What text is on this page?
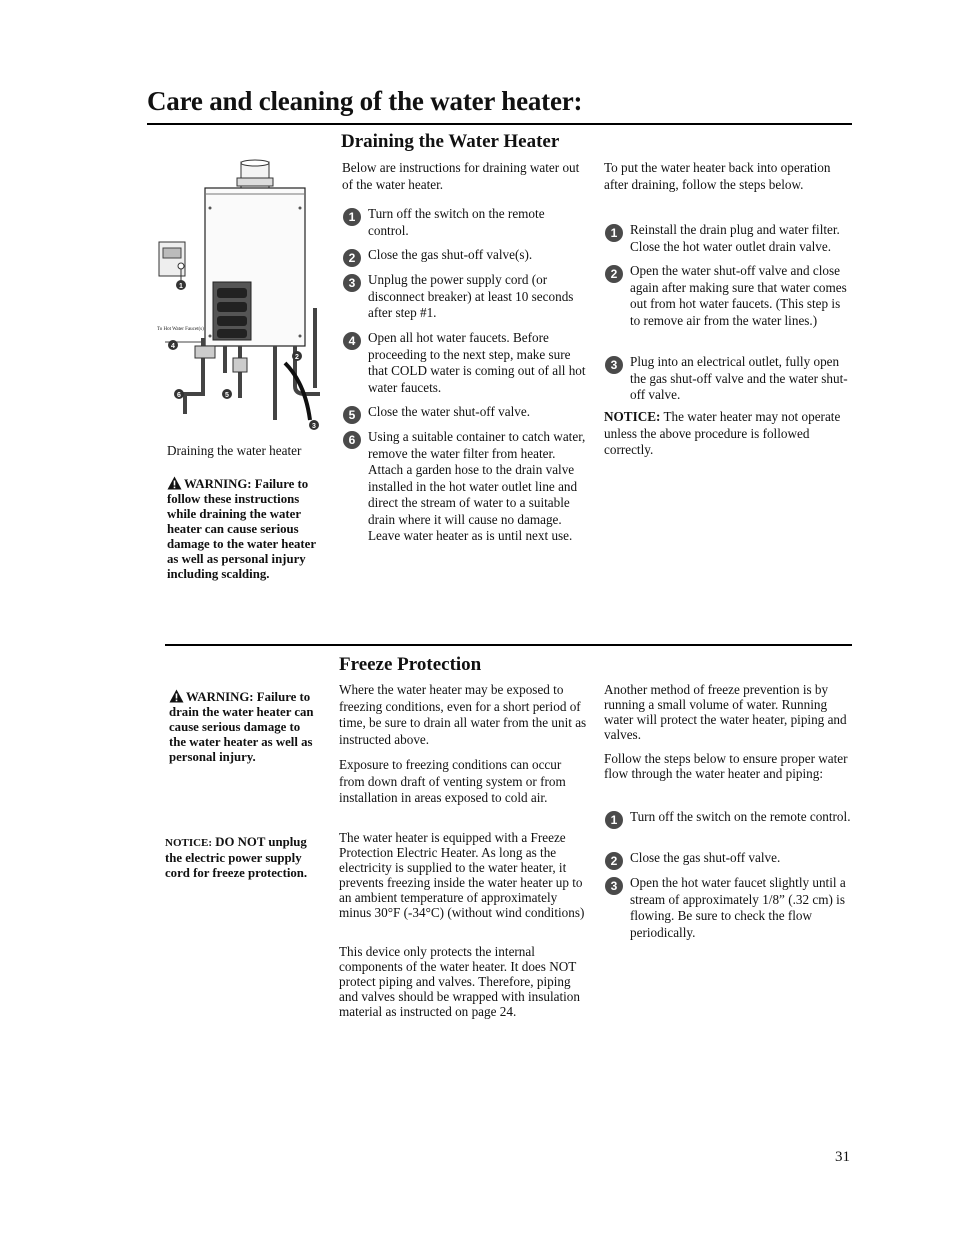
Care and cleaning of the water heater:
1
2
3
4
5
6
To Hot Water Faucet(s)
Draining the water heater
WARNING: Failure to follow these instructions while draining the water heater can cause serious damage to the water heater as well as personal injury including scalding.
Draining the Water Heater

Below are instructions for draining water out of the water heater.

1 Turn off the switch on the remote control.
2 Close the gas shut-off valve(s).
3 Unplug the power supply cord (or disconnect breaker) at least 10 seconds after step #1.
4 Open all hot water faucets. Before proceeding to the next step, make sure that COLD water is coming out of all hot water faucets.
5 Close the water shut-off valve.
6 Using a suitable container to catch water, remove the water filter from heater. Attach a garden hose to the drain valve installed in the hot water outlet line and direct the stream of water to a suitable drain where it will cause no damage. Leave water heater as is until next use.

To put the water heater back into operation after draining, follow the steps below.

1 Reinstall the drain plug and water filter. Close the hot water outlet drain valve.
2 Open the water shut-off valve and close again after making sure that water comes out from hot water faucets. (This step is to remove air from the water lines.)
3 Plug into an electrical outlet, fully open the gas shut-off valve and the water shut-off valve.

NOTICE: The water heater may not operate unless the above procedure is followed correctly.

Freeze Protection
WARNING: Failure to drain the water heater can cause serious damage to the water heater as well as personal injury.
NOTICE: DO NOT unplug the electric power supply cord for freeze protection.

Where the water heater may be exposed to freezing conditions, even for a short period of time, be sure to drain all water from the unit as instructed above.

Exposure to freezing conditions can occur from down draft of venting system or from installation in areas exposed to cold air.

The water heater is equipped with a Freeze Protection Electric Heater. As long as the electricity is supplied to the water heater, it prevents freezing inside the water heater up to an ambient temperature of approximately minus 30°F (-34°C) (without wind conditions)

This device only protects the internal components of the water heater. It does NOT protect piping and valves. Therefore, piping and valves should be wrapped with insulation material as instructed on page 24.

Another method of freeze prevention is by running a small volume of water. Running water will protect the water heater, piping and valves.

Follow the steps below to ensure proper water flow through the water heater and piping:

1 Turn off the switch on the remote control.
2 Close the gas shut-off valve.
3 Open the hot water faucet slightly until a stream of approximately 1/8” (.32 cm) is flowing. Be sure to check the flow periodically.
31
